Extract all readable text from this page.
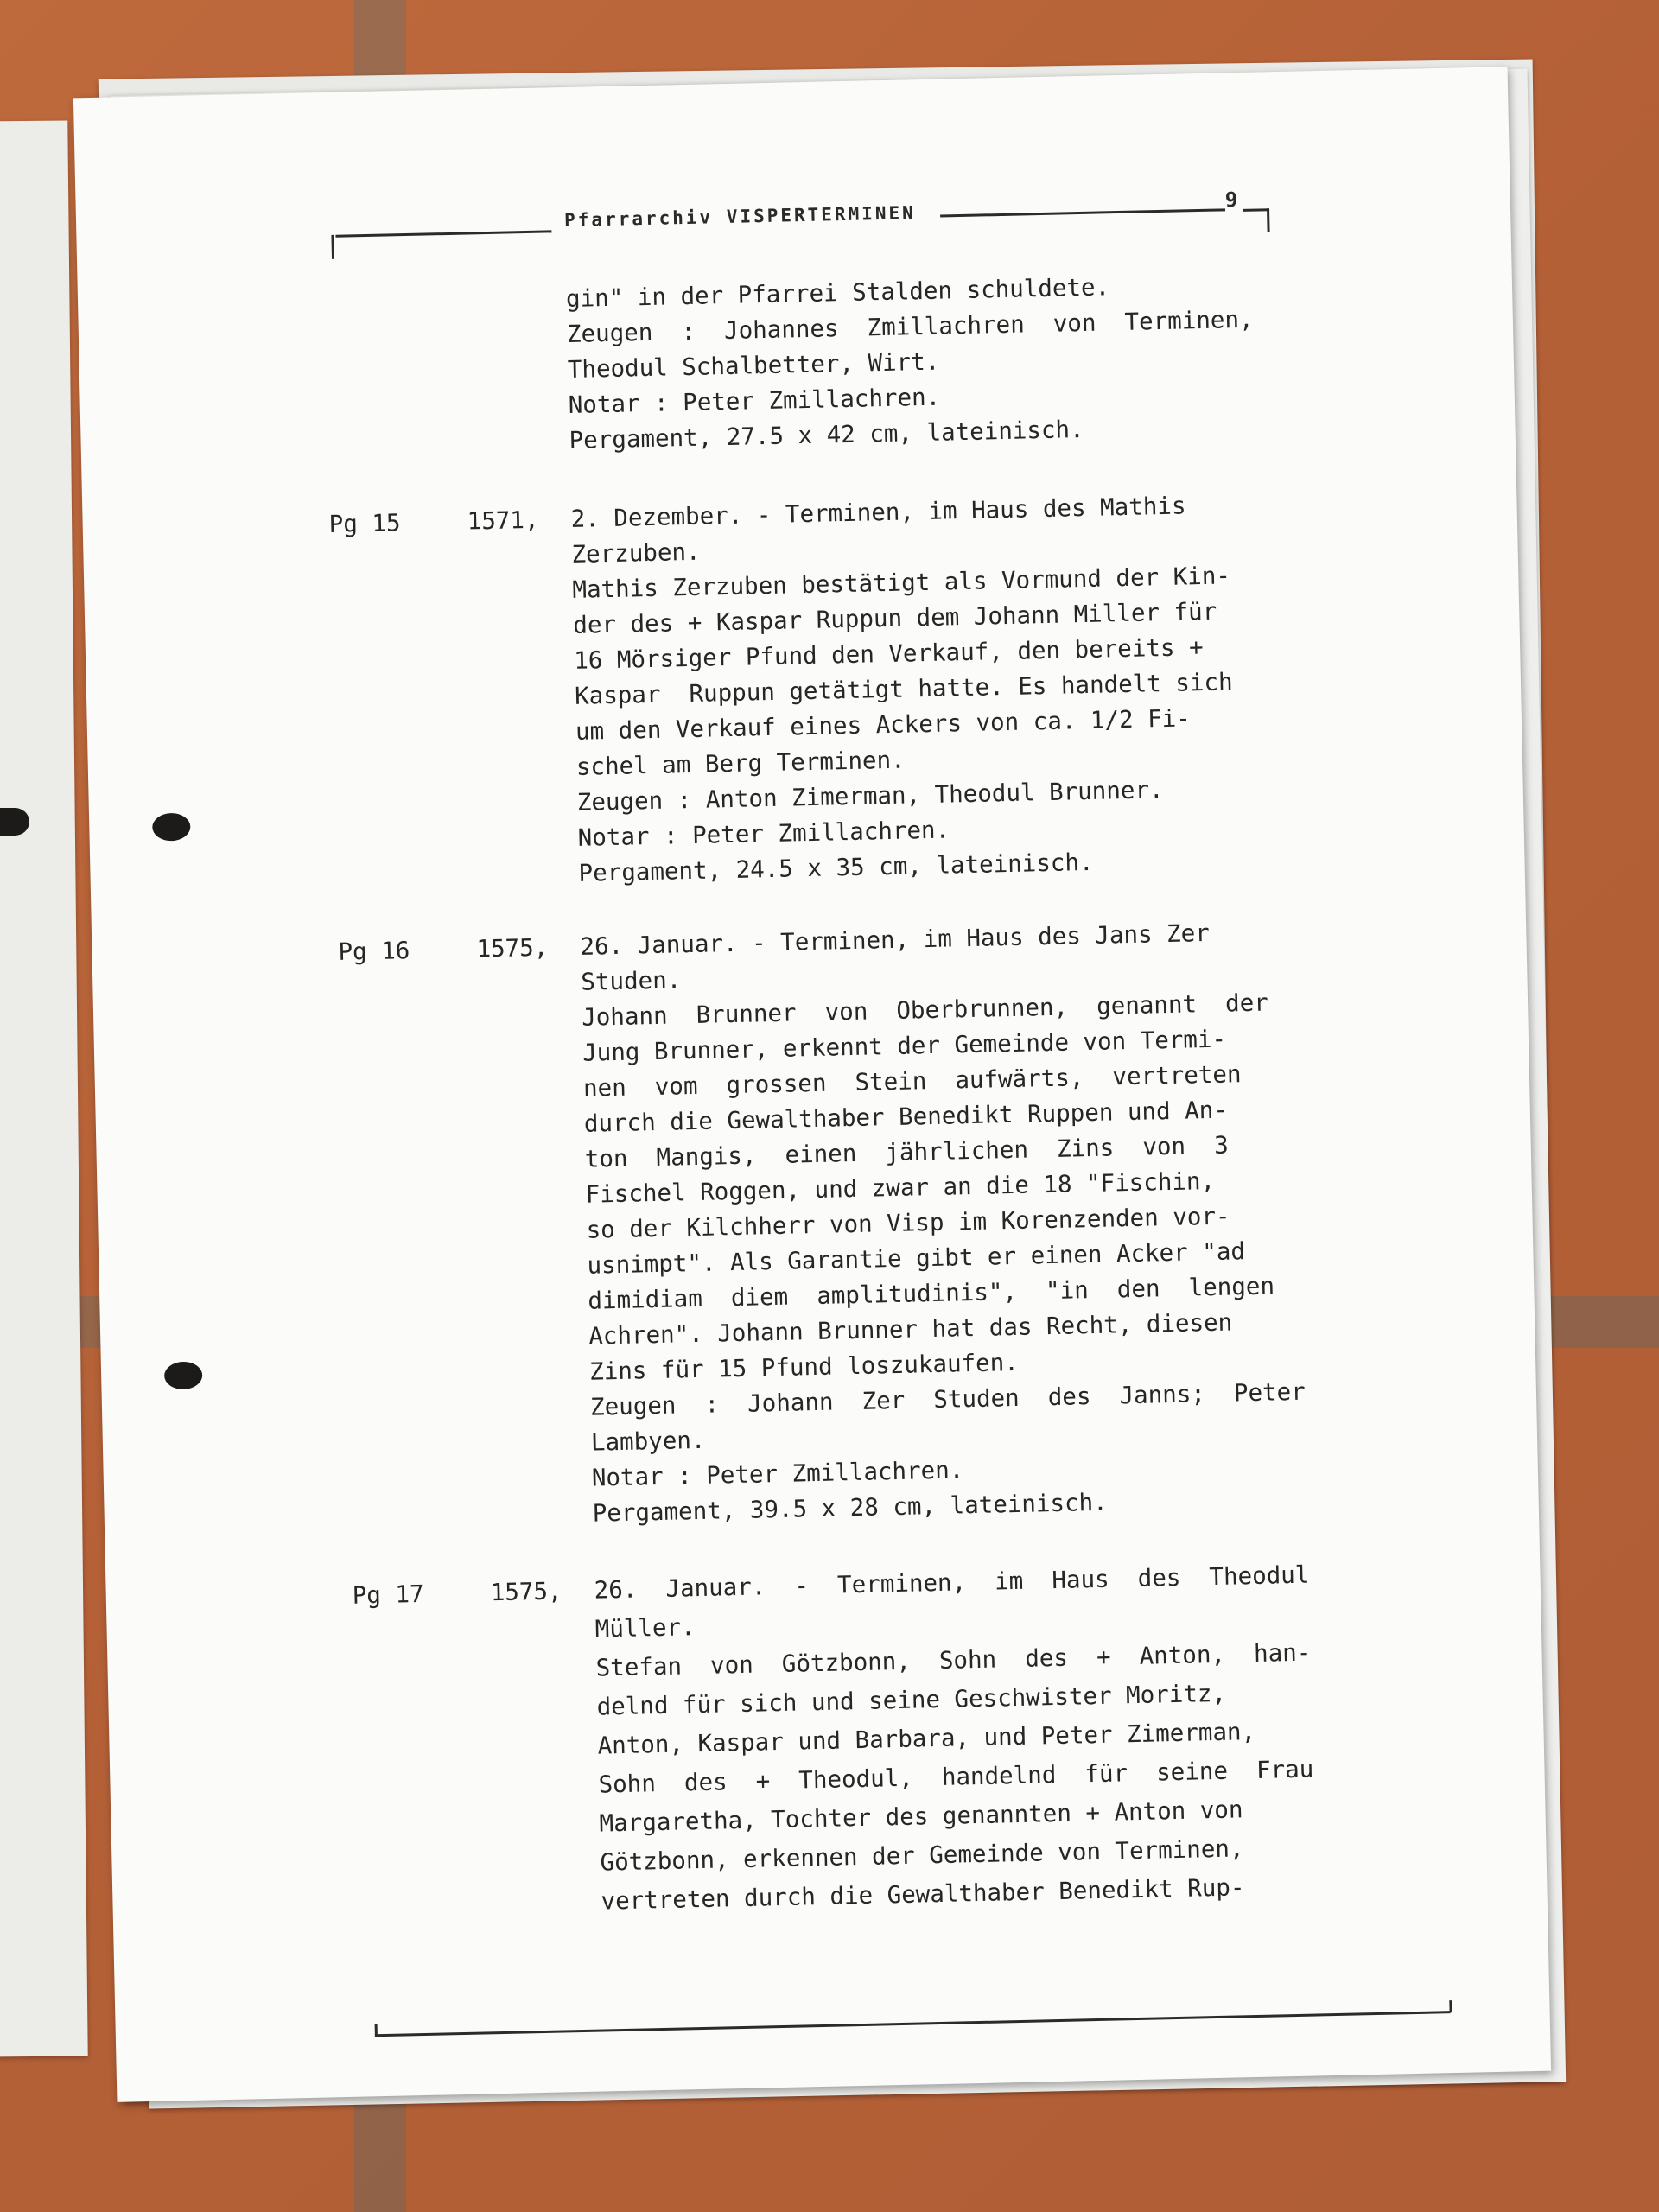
Pfarrarchiv VISPERTERMINEN
9
gin" in der Pfarrei Stalden schuldete.
Zeugen  :  Johannes  Zmillachren  von  Terminen,
Theodul Schalbetter, Wirt.
Notar : Peter Zmillachren.
Pergament, 27.5 x 42 cm, lateinisch.
Pg 15	1571, 2. Dezember. - Terminen, im Haus des Mathis
Zerzuben.
Mathis Zerzuben bestätigt als Vormund der Kin-
der des + Kaspar Ruppun dem Johann Miller für
16 Mörsiger Pfund den Verkauf, den bereits +
Kaspar  Ruppun getätigt hatte. Es handelt sich
um den Verkauf eines Ackers von ca. 1/2 Fi-
schel am Berg Terminen.
Zeugen : Anton Zimerman, Theodul Brunner.
Notar : Peter Zmillachren.
Pergament, 24.5 x 35 cm, lateinisch.
Pg 16	1575, 26. Januar. - Terminen, im Haus des Jans Zer
Studen.
Johann  Brunner  von  Oberbrunnen,  genannt  der
Jung Brunner, erkennt der Gemeinde von Termi-
nen  vom  grossen  Stein  aufwärts,  vertreten
durch die Gewalthaber Benedikt Ruppen und An-
ton  Mangis,  einen  jährlichen  Zins  von  3
Fischel Roggen, und zwar an die 18 "Fischin,
so der Kilchherr von Visp im Korenzenden vor-
usnimpt". Als Garantie gibt er einen Acker "ad
dimidiam  diem  amplitudinis",  "in  den  lengen
Achren". Johann Brunner hat das Recht, diesen
Zins für 15 Pfund loszukaufen.
Zeugen  :  Johann  Zer  Studen  des  Janns;  Peter
Lambyen.
Notar : Peter Zmillachren.
Pergament, 39.5 x 28 cm, lateinisch.
Pg 17	1575, 26.  Januar.  -  Terminen,  im  Haus  des  Theodul
Müller.
Stefan  von  Götzbonn,  Sohn  des  +  Anton,  han-
delnd für sich und seine Geschwister Moritz,
Anton, Kaspar und Barbara, und Peter Zimerman,
Sohn  des  +  Theodul,  handelnd  für  seine  Frau
Margaretha, Tochter des genannten + Anton von
Götzbonn, erkennen der Gemeinde von Terminen,
vertreten durch die Gewalthaber Benedikt Rup-
